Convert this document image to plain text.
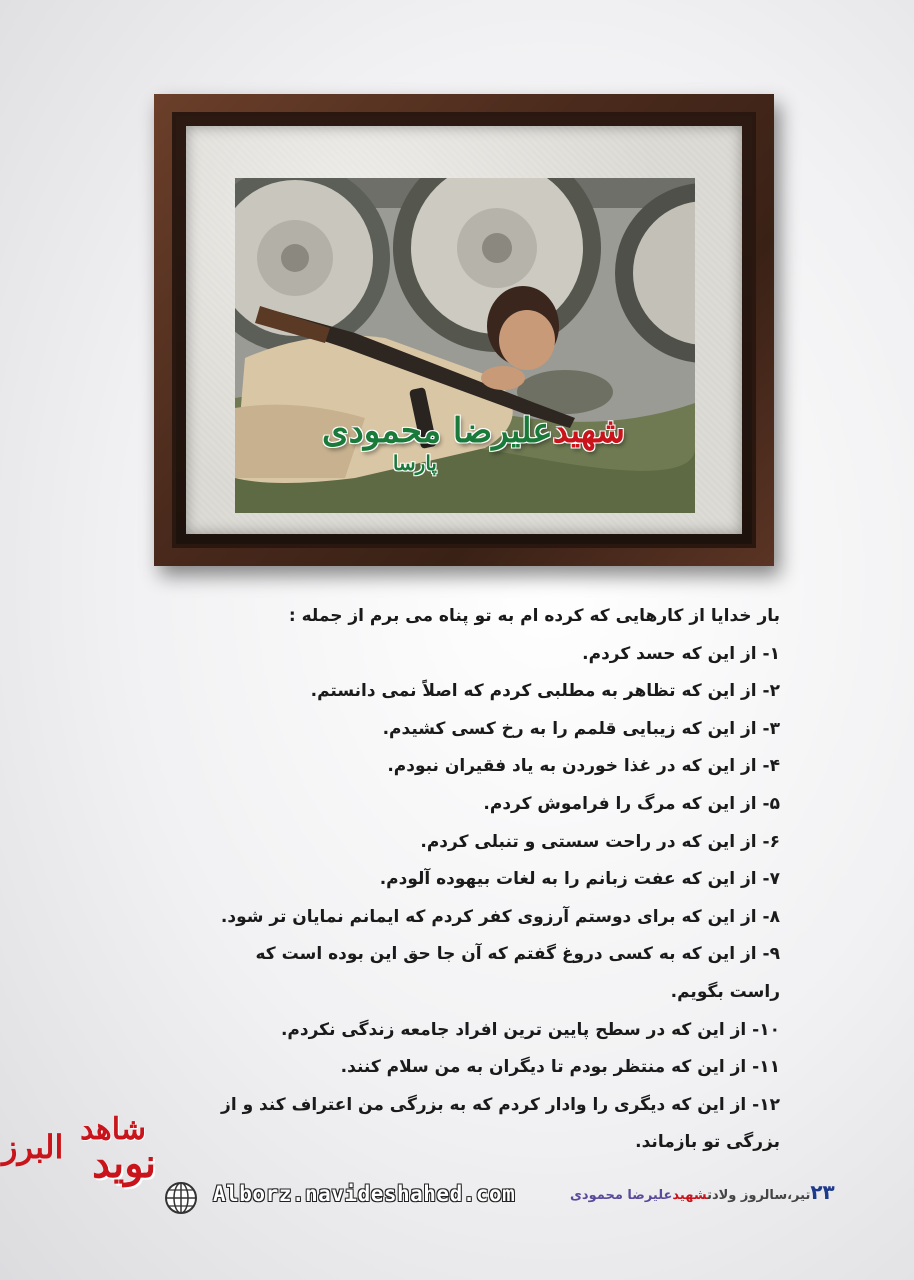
شهیدعلیرضا محمودی
پارسا
بار خدایا از کارهایی که کرده ام به تو پناه می برم از جمله :
۱- از این که حسد کردم.
۲- از این که تظاهر به مطلبی کردم که اصلاً نمی دانستم.
۳- از این که زیبایی قلمم را به رخ کسی کشیدم.
۴- از این که در غذا خوردن به یاد فقیران نبودم.
۵- از این که مرگ را فراموش کردم.
۶- از این که در راحت سستی و تنبلی کردم.
۷- از این که عفت زبانم را به لغات بیهوده آلودم.
۸- از این که برای دوستم آرزوی کفر کردم که ایمانم نمایان تر شود.
۹- از این که به کسی دروغ گفتم که آن جا حق این بوده است که
راست بگویم.
۱۰- از این که در سطح پایین ترین افراد جامعه زندگی نکردم.
۱۱- از این که منتظر بودم تا دیگران به من سلام کنند.
۱۲- از این که دیگری را وادار کردم که به بزرگی من اعتراف کند و از
بزرگی تو بازماند.
۲۳تیر،سالروز ولادتشهیدعلیرضا محمودی
Alborz.navideshahed.com
شاهد
نوید
البرز
